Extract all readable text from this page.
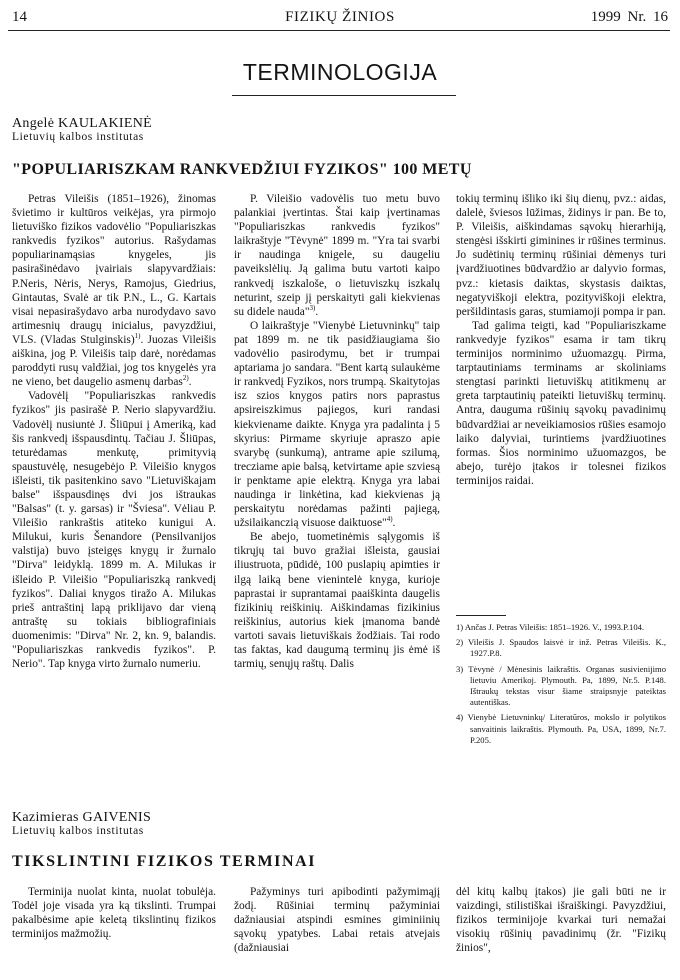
14	FIZIKŲ ŽINIOS	1999 Nr. 16
TERMINOLOGIJA
Angelė KAULAKIENĖ
Lietuvių kalbos institutas
"POPULIARISZKAM RANKVEDŽIUI FYZIKOS" 100 METŲ

Petras Vileišis (1851–1926), žinomas švietimo ir kultūros veikėjas, yra pirmojo lietuviško fizikos vadovėlio "Populiariszkas rankvedis fyzikos" autorius. Rašydamas populiarinamąsias knygeles, jis pasirašinėdavo įvairiais slapyvardžiais: P.Neris, Nėris, Nerys, Ramojus, Giedrius, Gintautas, Svalė ar tik P.N., L., G. Kartais visai nepasirašydavo arba nurodydavo savo artimesnių draugų inicialus, pavyzdžiui, VLS. (Vladas Stulginskis)$^{1)}$. Juozas Vileišis aiškina, jog P. Vileišis taip darė, norėdamas paroddyti rusų valdžiai, jog tos knygelės yra ne vieno, bet daugelio asmenų darbas$^{2)}$.

Vadovėlį "Populiariszkas rankvedis fyzikos" jis pasirašė P. Nerio slapyvardžiu. Vadovėlį nusiuntė J. Šliūpui į Ameriką, kad šis rankvedį išspausdintų. Tačiau J. Šliūpas, teturėdamas menkutę, primityvią spaustuvėlę, nesugebėjo P. Vileišio knygos išleisti, tik pasitenkino savo "Lietuviškajam balse" išspausdinęs dvi jos ištraukas "Balsas" (t. y. garsas) ir "Šviesa". Vėliau P. Vileišio rankraštis atiteko kunigui A. Milukui, kuris Šenandore (Pensilvanijos valstija) buvo įsteigęs knygų ir žurnalo "Dirva" leidyklą. 1899 m. A. Milukas ir išleido P. Vileišio "Populiariszką rankvedį fyzikos". Daliai knygos tiražo A. Milukas prieš antraštinį lapą priklijavo dar vieną antraštę su tokiais bibliografiniais duomenimis: "Dirva" Nr. 2, kn. 9, balandis. "Populiariszkas rankvedis fyzikos". P. Nerio". Tap knyga virto žurnalo numeriu.

P. Vileišio vadovėlis tuo metu buvo palankiai įvertintas. Štai kaip įvertinamas "Populiariszkas rankvedis fyzikos" laikraštyje "Tėvynė" 1899 m. "Yra tai svarbi ir naudinga knigele, su daugeliu paveikslėlių. Ją galima butu vartoti kaipo rankvedį iszkaloše, o lietuviszkų iszkalų neturint, szeip jį perskaityti gali kiekvienas su didele nauda"$^{3)}$.

O laikraštyje "Vienybė Lietuvninkų" taip pat 1899 m. ne tik pasidžiaugiama šio vadovėlio pasirodymu, bet ir trumpai aptariama jo sandara. "Bent kartą sulaukėme ir rankvedį Fyzikos, nors trumpą. Skaitytojas isz szios knygos patirs nors paprastus apsireiszkimus pajiegos, kuri randasi kiekviename daikte. Knyga yra padalinta į 5 skyrius: Pirmame skyriuje apraszo apie svarybę (sunkumą), antrame apie szilumą, trecziame apie balsą, ketvirtame apie szviesą ir penktame apie elektrą. Knyga yra labai naudinga ir linkėtina, kad kiekvienas ją perskaitytu norėdamas pažinti pajiegą, užsilaikanczią visuose daiktuose"$^{4)}$.

Be abejo, tuometinėmis sąlygomis iš tikrųjų tai buvo gražiai išleista, gausiai iliustruota, pūdidė, 100 puslapių apimties ir ilgą laiką bene vienintelė knyga, kurioje paprastai ir suprantamai paaiškinta daugelis fizikinių reiškinių. Aiškindamas fizikinius reiškinius, autorius kiek įmanoma bandė vartoti savais lietuviškais žodžiais. Tai rodo tas faktas, kad daugumą terminų jis ėmė iš tarmių, senųjų raštų. Dalis

tokių terminų išliko iki šių dienų, pvz.: aidas, dalelė, šviesos lūžimas, židinys ir pan. Be to, P. Vileišis, aiškindamas sąvokų hierarhiją, stengėsi išskirti giminines ir rūšines terminus. Jo sudėtinių terminų rūšiniai dėmenys turi įvardžiuotines būdvardžio ar dalyvio formas, pvz.: kietasis daiktas, skystasis daiktas, negatyviškoji elektra, pozityviškoji elektra, peršildintasis garas, stumiamoji pompa ir pan.

Tad galima teigti, kad "Populiariszkame rankvedyje fyzikos" esama ir tam tikrų terminijos norminimo užuomazgų. Pirma, tarptautiniams terminams ar skoliniams stengtasi parinkti lietuviškų atitikmenų ar greta tarptautinių pateikti lietuviškų terminų. Antra, dauguma rūšinių sąvokų pavadinimų būdvardžiai ar neveikiamosios rūšies esamojo laiko dalyviai, turintiems įvardžiuotines formas. Šios norminimo užuomazgos, be abejo, turėjo įtakos ir tolesnei fizikos terminijos raidai.

1) Ančas J. Petras Vileišis: 1851–1926. V., 1993.P.104.

2) Vileišis J. Spaudos laisvė ir inž. Petras Vileišis. K., 1927.P.8.

3) Tėvynė / Mėnesinis laikraštis. Organas susivienijimo lietuviu Amerikoj. Plymouth. Pa, 1899, Nr.5. P.148. Ištraukų tekstas visur šiame straipsnyje pateiktas autentiškas.

4) Vienybė Lietuvninkų/ Literatūros, mokslo ir polytikos sanvaitinis laikraštis. Plymouth. Pa, USA, 1899, Nr.7. P.205.

Kazimieras GAIVENIS
Lietuvių kalbos institutas
TIKSLINTINI FIZIKOS TERMINAI

Terminija nuolat kinta, nuolat tobulėja. Todėl joje visada yra ką tikslinti. Trumpai pakalbėsime apie keletą tikslintinų fizikos terminijos mažmožių.

Pažyminys turi apibodinti pažymimąjį žodį. Rūšiniai terminų pažyminiai dažniausiai atspindi esmines giminiinių sąvokų ypatybes. Labai retais atvejais (dažniausiai

dėl kitų kalbų įtakos) jie gali būti ne ir vaizdingi, stilistiškai išraiškingi. Pavyzdžiui, fizikos terminijoje kvarkai turi nemažai visokių rūšinių pavadinimų (žr. "Fizikų žinios",
